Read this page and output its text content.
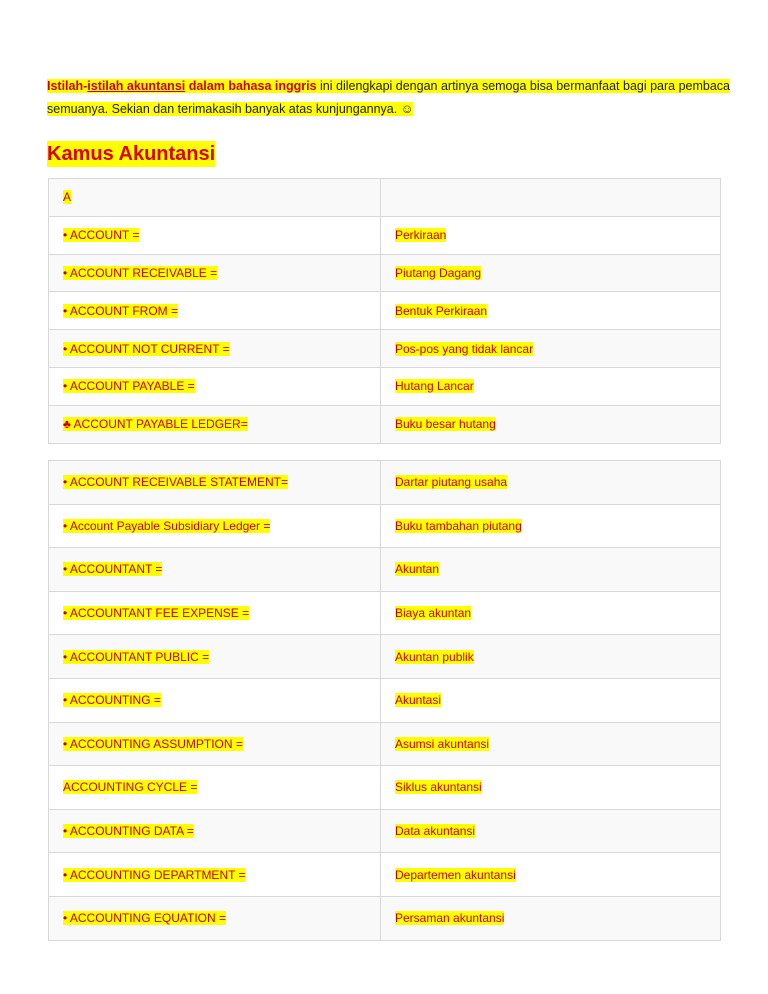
Istilah-istilah akuntansi dalam bahasa inggris ini dilengkapi dengan artinya semoga bisa bermanfaat bagi para pembaca semuanya. Sekian dan terimakasih banyak atas kunjungannya. ☺
Kamus Akuntansi
A	
• ACCOUNT =	Perkiraan
• ACCOUNT RECEIVABLE =	Piutang Dagang
• ACCOUNT FROM =	Bentuk Perkiraan
• ACCOUNT NOT CURRENT =	Pos-pos yang tidak lancar
• ACCOUNT PAYABLE =	Hutang Lancar
♣ ACCOUNT PAYABLE LEDGER=	Buku besar hutang
• ACCOUNT RECEIVABLE STATEMENT=	Dartar piutang usaha
• Account Payable Subsidiary Ledger =	Buku tambahan piutang
• ACCOUNTANT =	Akuntan
• ACCOUNTANT FEE EXPENSE =	Biaya akuntan
• ACCOUNTANT PUBLIC =	Akuntan publik
• ACCOUNTING =	Akuntasi
• ACCOUNTING ASSUMPTION =	Asumsi akuntansi
ACCOUNTING CYCLE =	Siklus akuntansi
• ACCOUNTING DATA =	Data akuntansi
• ACCOUNTING DEPARTMENT =	Departemen akuntansi
• ACCOUNTING EQUATION =	Persaman akuntansi
